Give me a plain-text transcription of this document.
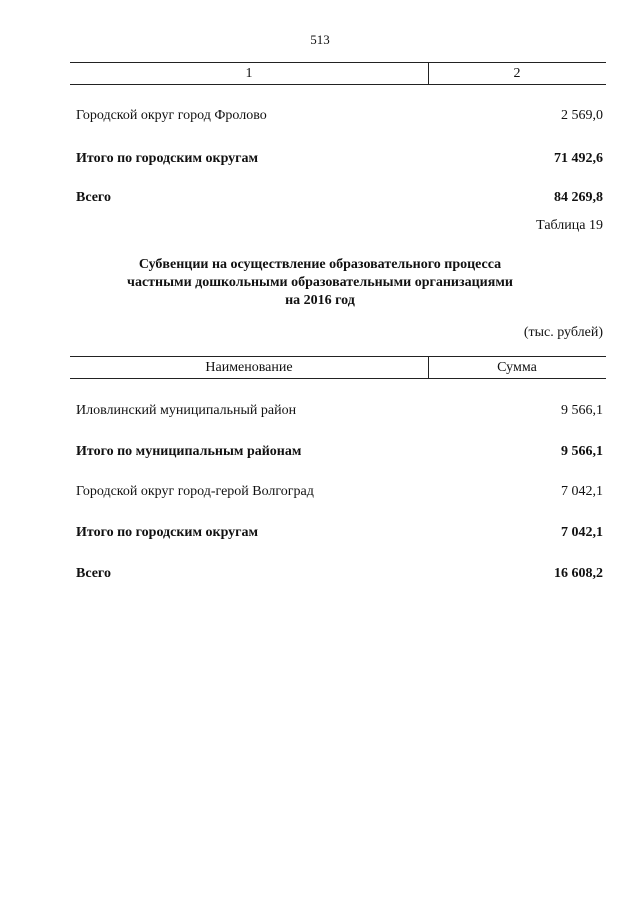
513
1	2
Городской округ город Фролово	2 569,0
Итого по городским округам	71 492,6
Всего	84 269,8
Таблица 19
Субвенции на осуществление образовательного процесса
частными дошкольными образовательными организациями
на 2016 год
(тыс. рублей)
Наименование	Сумма
Иловлинский муниципальный район	9 566,1
Итого по муниципальным районам	9 566,1
Городской округ город-герой Волгоград	7 042,1
Итого по городским округам	7 042,1
Всего	16 608,2
